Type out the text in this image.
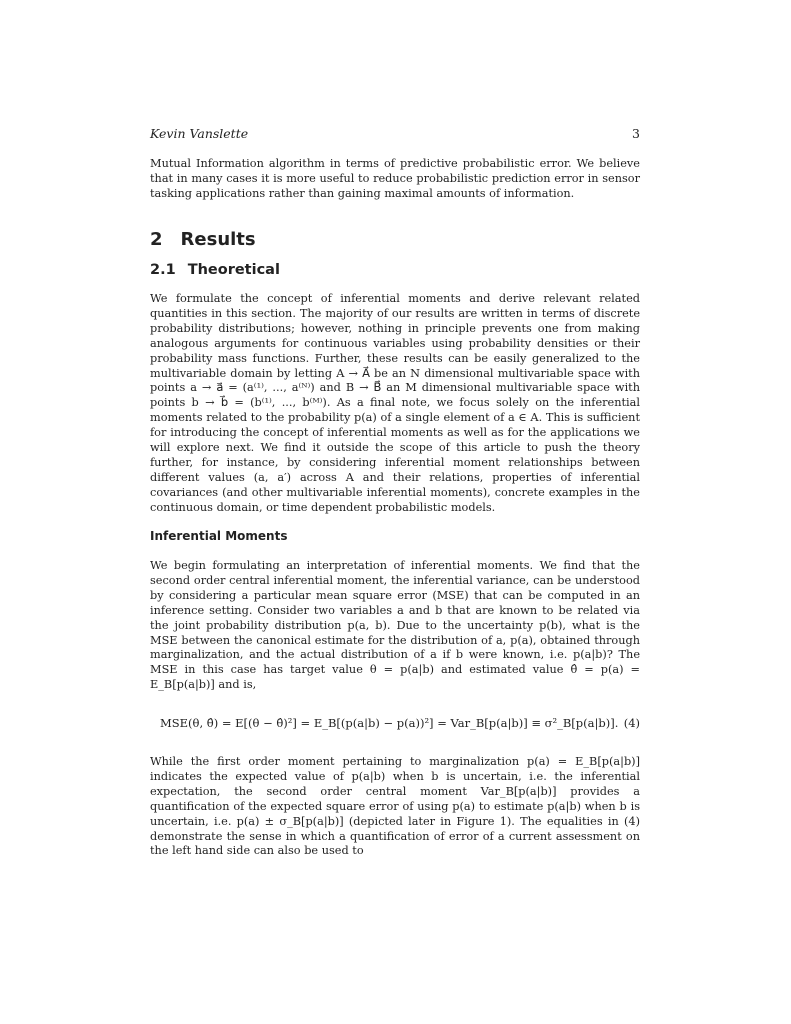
Kevin Vanslette	3

Mutual Information algorithm in terms of predictive probabilistic error. We believe that in many cases it is more useful to reduce probabilistic prediction error in sensor tasking applications rather than gaining maximal amounts of information.

2 Results
2.1 Theoretical

We formulate the concept of inferential moments and derive relevant related quantities in this section. The majority of our results are written in terms of discrete probability distributions; however, nothing in principle prevents one from making analogous arguments for continuous variables using probability densities or their probability mass functions. Further, these results can be easily generalized to the multivariable domain by letting A → A⃗ be an N dimensional multivariable space with points a → a⃗ = (a⁽¹⁾, ..., a⁽ᴺ⁾) and B → B⃗ an M dimensional multivariable space with points b → b⃗ = (b⁽¹⁾, ..., b⁽ᴹ⁾). As a final note, we focus solely on the inferential moments related to the probability p(a) of a single element of a ∈ A. This is sufficient for introducing the concept of inferential moments as well as for the applications we will explore next. We find it outside the scope of this article to push the theory further, for instance, by considering inferential moment relationships between different values (a, a′) across A and their relations, properties of inferential covariances (and other multivariable inferential moments), concrete examples in the continuous domain, or time dependent probabilistic models.

Inferential Moments

We begin formulating an interpretation of inferential moments. We find that the second order central inferential moment, the inferential variance, can be understood by considering a particular mean square error (MSE) that can be computed in an inference setting. Consider two variables a and b that are known to be related via the joint probability distribution p(a, b). Due to the uncertainty p(b), what is the MSE between the canonical estimate for the distribution of a, p(a), obtained through marginalization, and the actual distribution of a if b were known, i.e. p(a|b)? The MSE in this case has target value θ = p(a|b) and estimated value θ̂ = p(a) = E_B[p(a|b)] and is,

MSE(θ, θ̂) = E[(θ − θ̂)²] = E_B[(p(a|b) − p(a))²] = Var_B[p(a|b)] ≡ σ²_B[p(a|b)]. (4)

While the first order moment pertaining to marginalization p(a) = E_B[p(a|b)] indicates the expected value of p(a|b) when b is uncertain, i.e. the inferential expectation, the second order central moment Var_B[p(a|b)] provides a quantification of the expected square error of using p(a) to estimate p(a|b) when b is uncertain, i.e. p(a) ± σ_B[p(a|b)] (depicted later in Figure 1). The equalities in (4) demonstrate the sense in which a quantification of error of a current assessment on the left hand side can also be used to
